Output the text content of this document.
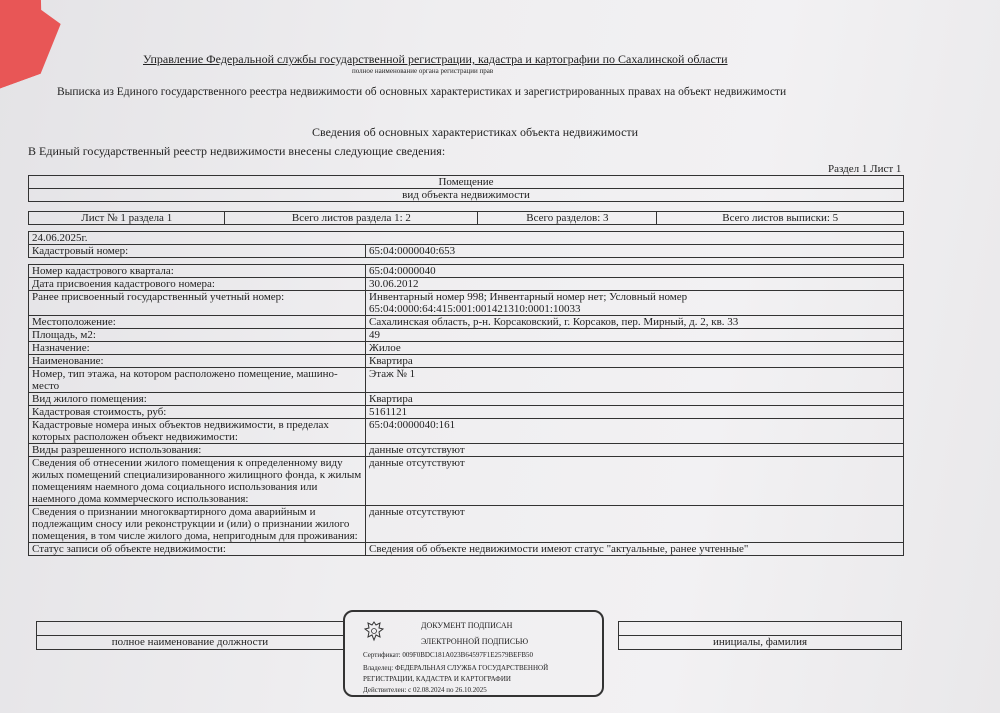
Управление Федеральной службы государственной регистрации, кадастра и картографии по Сахалинской области
полное наименование органа регистрации прав
Выписка из Единого государственного реестра недвижимости об основных характеристиках и зарегистрированных правах на объект недвижимости
Сведения об основных характеристиках объекта недвижимости
В Единый государственный реестр недвижимости внесены следующие сведения:
Раздел 1 Лист 1
Помещение
вид объекта недвижимости
Лист № 1 раздела 1	Всего листов раздела 1: 2	Всего разделов: 3	Всего листов выписки: 5
24.06.2025г.	
Кадастровый номер:	65:04:0000040:653

Номер кадастрового квартала:	65:04:0000040
Дата присвоения кадастрового номера:	30.06.2012
Ранее присвоенный государственный учетный номер:	Инвентарный номер 998; Инвентарный номер нет; Условный номер 65:04:0000:64:415:001:001421310:0001:10033
Местоположение:	Сахалинская область, р-н. Корсаковский, г. Корсаков, пер. Мирный, д. 2, кв. 33
Площадь, м2:	49
Назначение:	Жилое
Наименование:	Квартира
Номер, тип этажа, на котором расположено помещение, машино-место	Этаж № 1
Вид жилого помещения:	Квартира
Кадастровая стоимость, руб:	5161121
Кадастровые номера иных объектов недвижимости, в пределах которых расположен объект недвижимости:	65:04:0000040:161
Виды разрешенного использования:	данные отсутствуют
Сведения об отнесении жилого помещения к определенному виду жилых помещений специализированного жилищного фонда, к жилым помещениям наемного дома социального использования или наемного дома коммерческого использования:	данные отсутствуют
Сведения о признании многоквартирного дома аварийным и подлежащим сносу или реконструкции и (или) о признании жилого помещения, в том числе жилого дома, непригодным для проживания:	данные отсутствуют
Статус записи об объекте недвижимости:	Сведения об объекте недвижимости имеют статус "актуальные, ранее учтенные"

полное наименование должности		инициалы, фамилия
ДОКУМЕНТ ПОДПИСАН
ЭЛЕКТРОННОЙ ПОДПИСЬЮ
Сертификат: 009F0BDC181A023B64597F1E2579BEFB50
Владелец: ФЕДЕРАЛЬНАЯ СЛУЖБА ГОСУДАРСТВЕННОЙ
РЕГИСТРАЦИИ, КАДАСТРА И КАРТОГРАФИИ
Действителен: с 02.08.2024 по 26.10.2025
